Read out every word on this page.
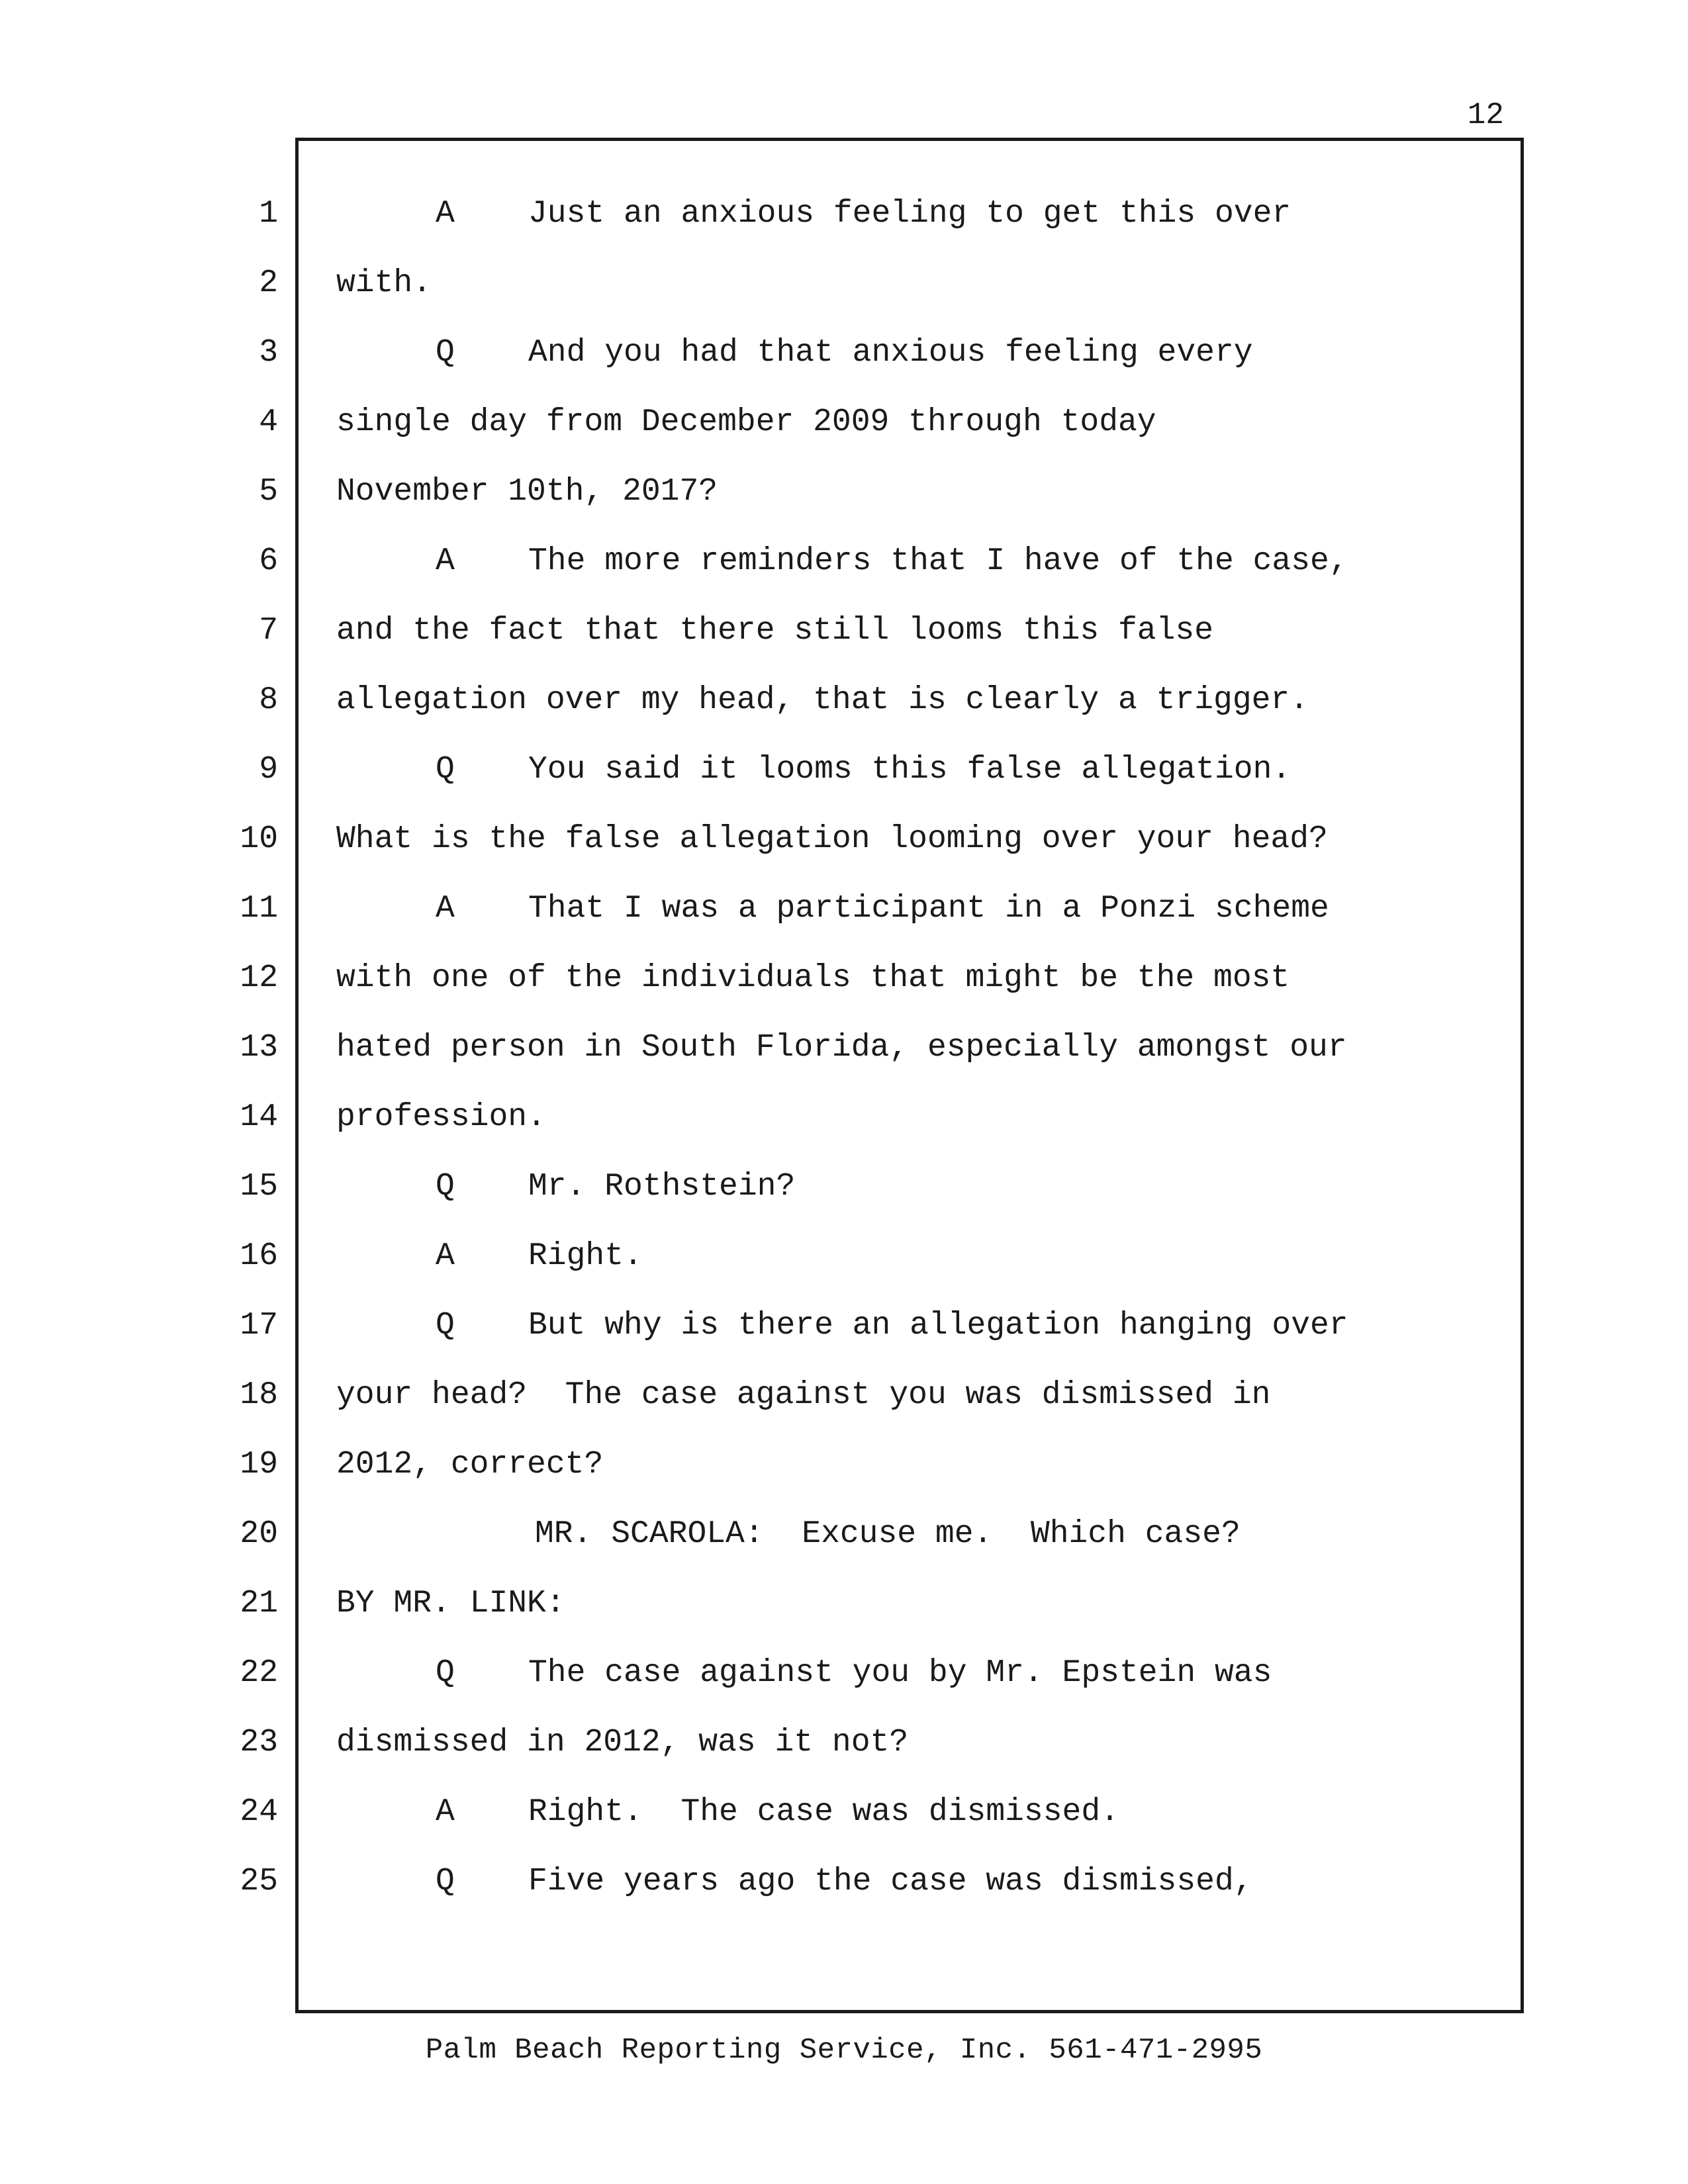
12
1
2
3
4
5
6
7
8
9
10
11
12
13
14
15
16
17
18
19
20
21
22
23
24
25
A Just an anxious feeling to get this over
with.
Q And you had that anxious feeling every
single day from December 2009 through today
November 10th, 2017?
A The more reminders that I have of the case,
and the fact that there still looms this false
allegation over my head, that is clearly a trigger.
Q You said it looms this false allegation.
What is the false allegation looming over your head?
A That I was a participant in a Ponzi scheme
with one of the individuals that might be the most
hated person in South Florida, especially amongst our
profession.
Q Mr. Rothstein?
A Right.
Q But why is there an allegation hanging over
your head?  The case against you was dismissed in
2012, correct?
MR. SCAROLA:  Excuse me.  Which case?
BY MR. LINK:
Q The case against you by Mr. Epstein was
dismissed in 2012, was it not?
A Right.  The case was dismissed.
Q Five years ago the case was dismissed,
Palm Beach Reporting Service, Inc. 561-471-2995
